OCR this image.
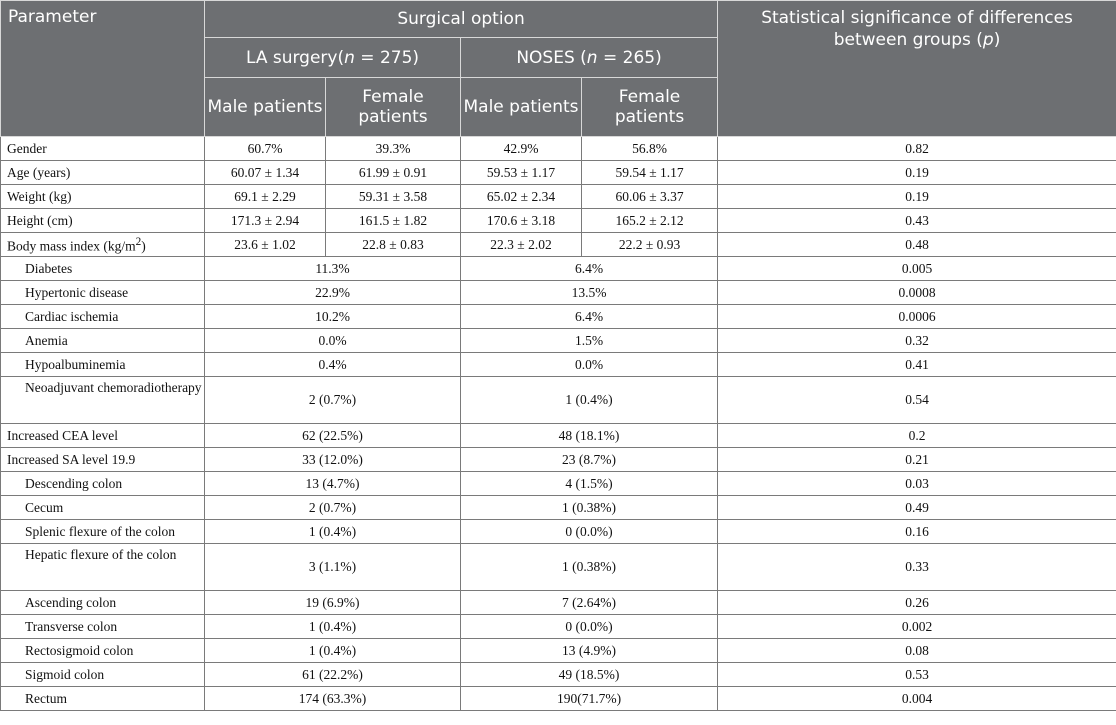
Parameter	Surgical option				Statistical significance of differences between groups (p)
	LA surgery(n = 275)		NOSES (n = 265)		
	Male patients	Female patients	Male patients	Female patients	
Gender	60.7%	39.3%	42.9%	56.8%	0.82
Age (years)	60.07 ± 1.34	61.99 ± 0.91	59.53 ± 1.17	59.54 ± 1.17	0.19
Weight (kg)	69.1 ± 2.29	59.31 ± 3.58	65.02 ± 2.34	60.06 ± 3.37	0.19
Height (cm)	171.3 ± 2.94	161.5 ± 1.82	170.6 ± 3.18	165.2 ± 2.12	0.43
Body mass index $(kg/m^2)$	23.6 ± 1.02	22.8 ± 0.83	22.3 ± 2.02	22.2 ± 0.93	0.48
Diabetes	11.3%		6.4%		0.005
Hypertonic disease	22.9%		13.5%		0.0008
Cardiac ischemia	10.2%		6.4%		0.0006
Anemia	0.0%		1.5%		0.32
Hypoalbuminemia	0.4%		0.0%		0.41
Neoadjuvant chemoradiotherapy	2 (0.7%)		1 (0.4%)		0.54
Increased CEA level	62 (22.5%)		48 (18.1%)		0.2
Increased SA level 19.9	33 (12.0%)		23 (8.7%)		0.21
Descending colon	13 (4.7%)		4 (1.5%)		0.03
Cecum	2 (0.7%)		1 (0.38%)		0.49
Splenic flexure of the colon	1 (0.4%)		0 (0.0%)		0.16
Hepatic flexure of the colon	3 (1.1%)		1 (0.38%)		0.33
Ascending colon	19 (6.9%)		7 (2.64%)		0.26
Transverse colon	1 (0.4%)		0 (0.0%)		0.002
Rectosigmoid colon	1 (0.4%)		13 (4.9%)		0.08
Sigmoid colon	61 (22.2%)		49 (18.5%)		0.53
Rectum	174 (63.3%)		190(71.7%)		0.004
